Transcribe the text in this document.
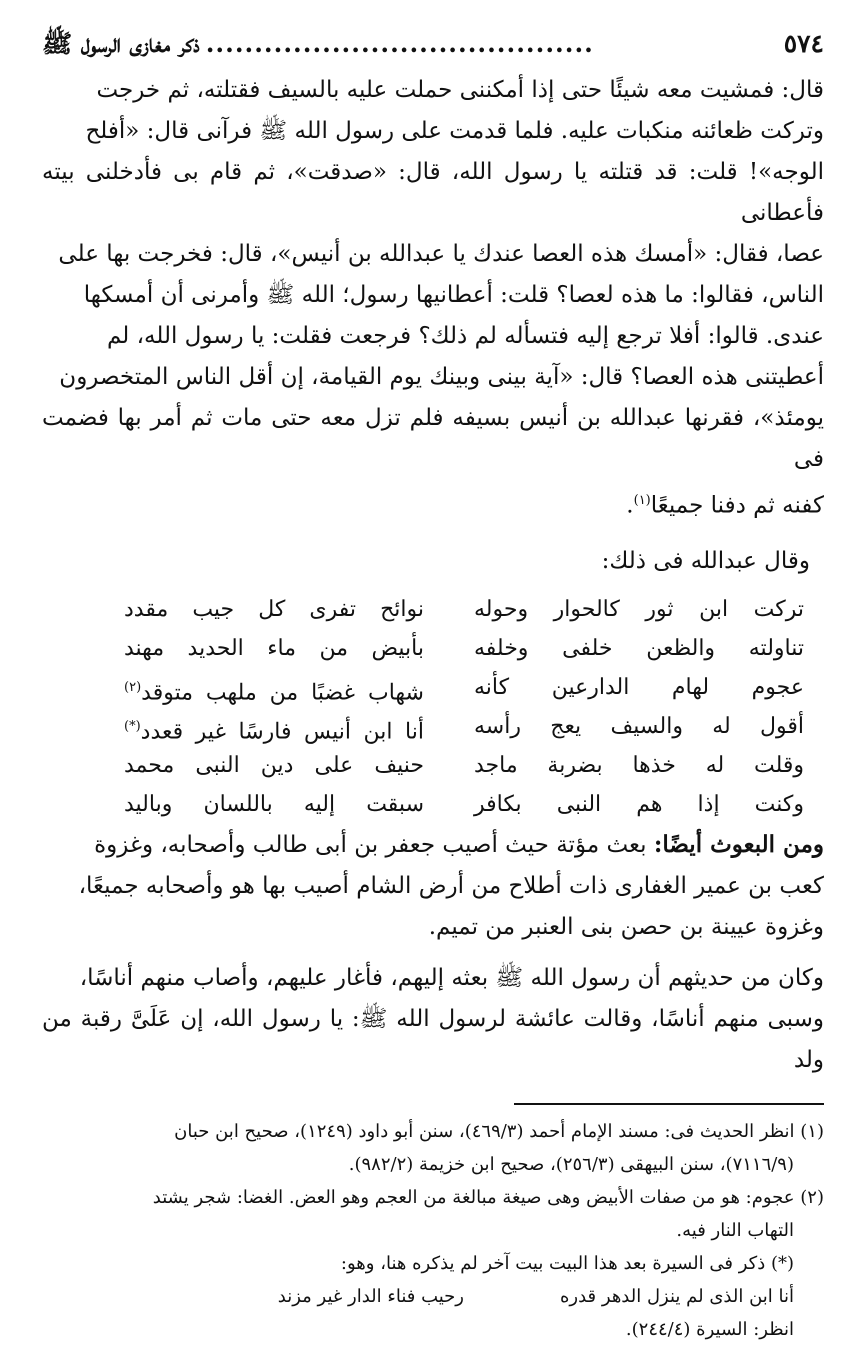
٥٧٤
........................................
ذكر مغازى الرسول ﷺ

قال: فمشيت معه شيئًا حتى إذا أمكننى حملت عليه بالسيف فقتلته، ثم خرجت

وتركت ظعائنه منكبات عليه. فلما قدمت على رسول الله ﷺ فرآنى قال: «أفلح

الوجه»! قلت: قد قتلته يا رسول الله، قال: «صدقت»، ثم قام بى فأدخلنى بيته فأعطانى

عصا، فقال: «أمسك هذه العصا عندك يا عبدالله بن أنيس»، قال: فخرجت بها على

الناس، فقالوا: ما هذه لعصا؟ قلت: أعطانيها رسول؛ الله ﷺ وأمرنى أن أمسكها

عندى. قالوا: أفلا ترجع إليه فتسأله لم ذلك؟ فرجعت فقلت: يا رسول الله، لم

أعطيتنى هذه العصا؟ قال: «آية بينى وبينك يوم القيامة، إن أقل الناس المتخصرون

يومئذ»، فقرنها عبدالله بن أنيس بسيفه فلم تزل معه حتى مات ثم أمر بها فضمت فى

كفنه ثم دفنا جميعًا$^{(١)}$.

وقال عبدالله فى ذلك:
تركت ابن ثور كالحوار وحوله
نوائح تفرى كل جيب مقدد
تناولته والظعن خلفى وخلفه
بأبيض من ماء الحديد مهند
عجوم لهام الدارعين كأنه
شهاب غضبًا من ملهب متوقد$^{(٢)}$
أقول له والسيف يعج رأسه
أنا ابن أنيس فارسًا غير قعدد(*)
وقلت له خذها بضربة ماجد
حنيف على دين النبى محمد
وكنت إذا هم النبى بكافر
سبقت إليه باللسان وباليد

ومن البعوث أيضًا: بعث مؤتة حيث أصيب جعفر بن أبى طالب وأصحابه، وغزوة

كعب بن عمير الغفارى ذات أطلاح من أرض الشام أصيب بها هو وأصحابه جميعًا،

وغزوة عيينة بن حصن بنى العنبر من تميم.

وكان من حديثهم أن رسول الله ﷺ بعثه إليهم، فأغار عليهم، وأصاب منهم أناسًا،

وسبى منهم أناسًا، وقالت عائشة لرسول الله ﷺ: يا رسول الله، إن عَلَىَّ رقبة من ولد

(١) انظر الحديث فى: مسند الإمام أحمد (٤٦٩/٣)، سنن أبو داود (١٢٤٩)، صحيح ابن حبان

(٧١١٦/٩)، سنن البيهقى (٢٥٦/٣)، صحيح ابن خزيمة (٩٨٢/٢).

(٢) عجوم: هو من صفات الأبيض وهى صيغة مبالغة من العجم وهو العض. الغضا: شجر يشتد

التهاب النار فيه.

(*) ذكر فى السيرة بعد هذا البيت بيت آخر لم يذكره هنا، وهو:

أنا ابن الذى لم ينزل الدهر قدره
رحيب فناء الدار غير مزند

انظر: السيرة (٢٤٤/٤).
